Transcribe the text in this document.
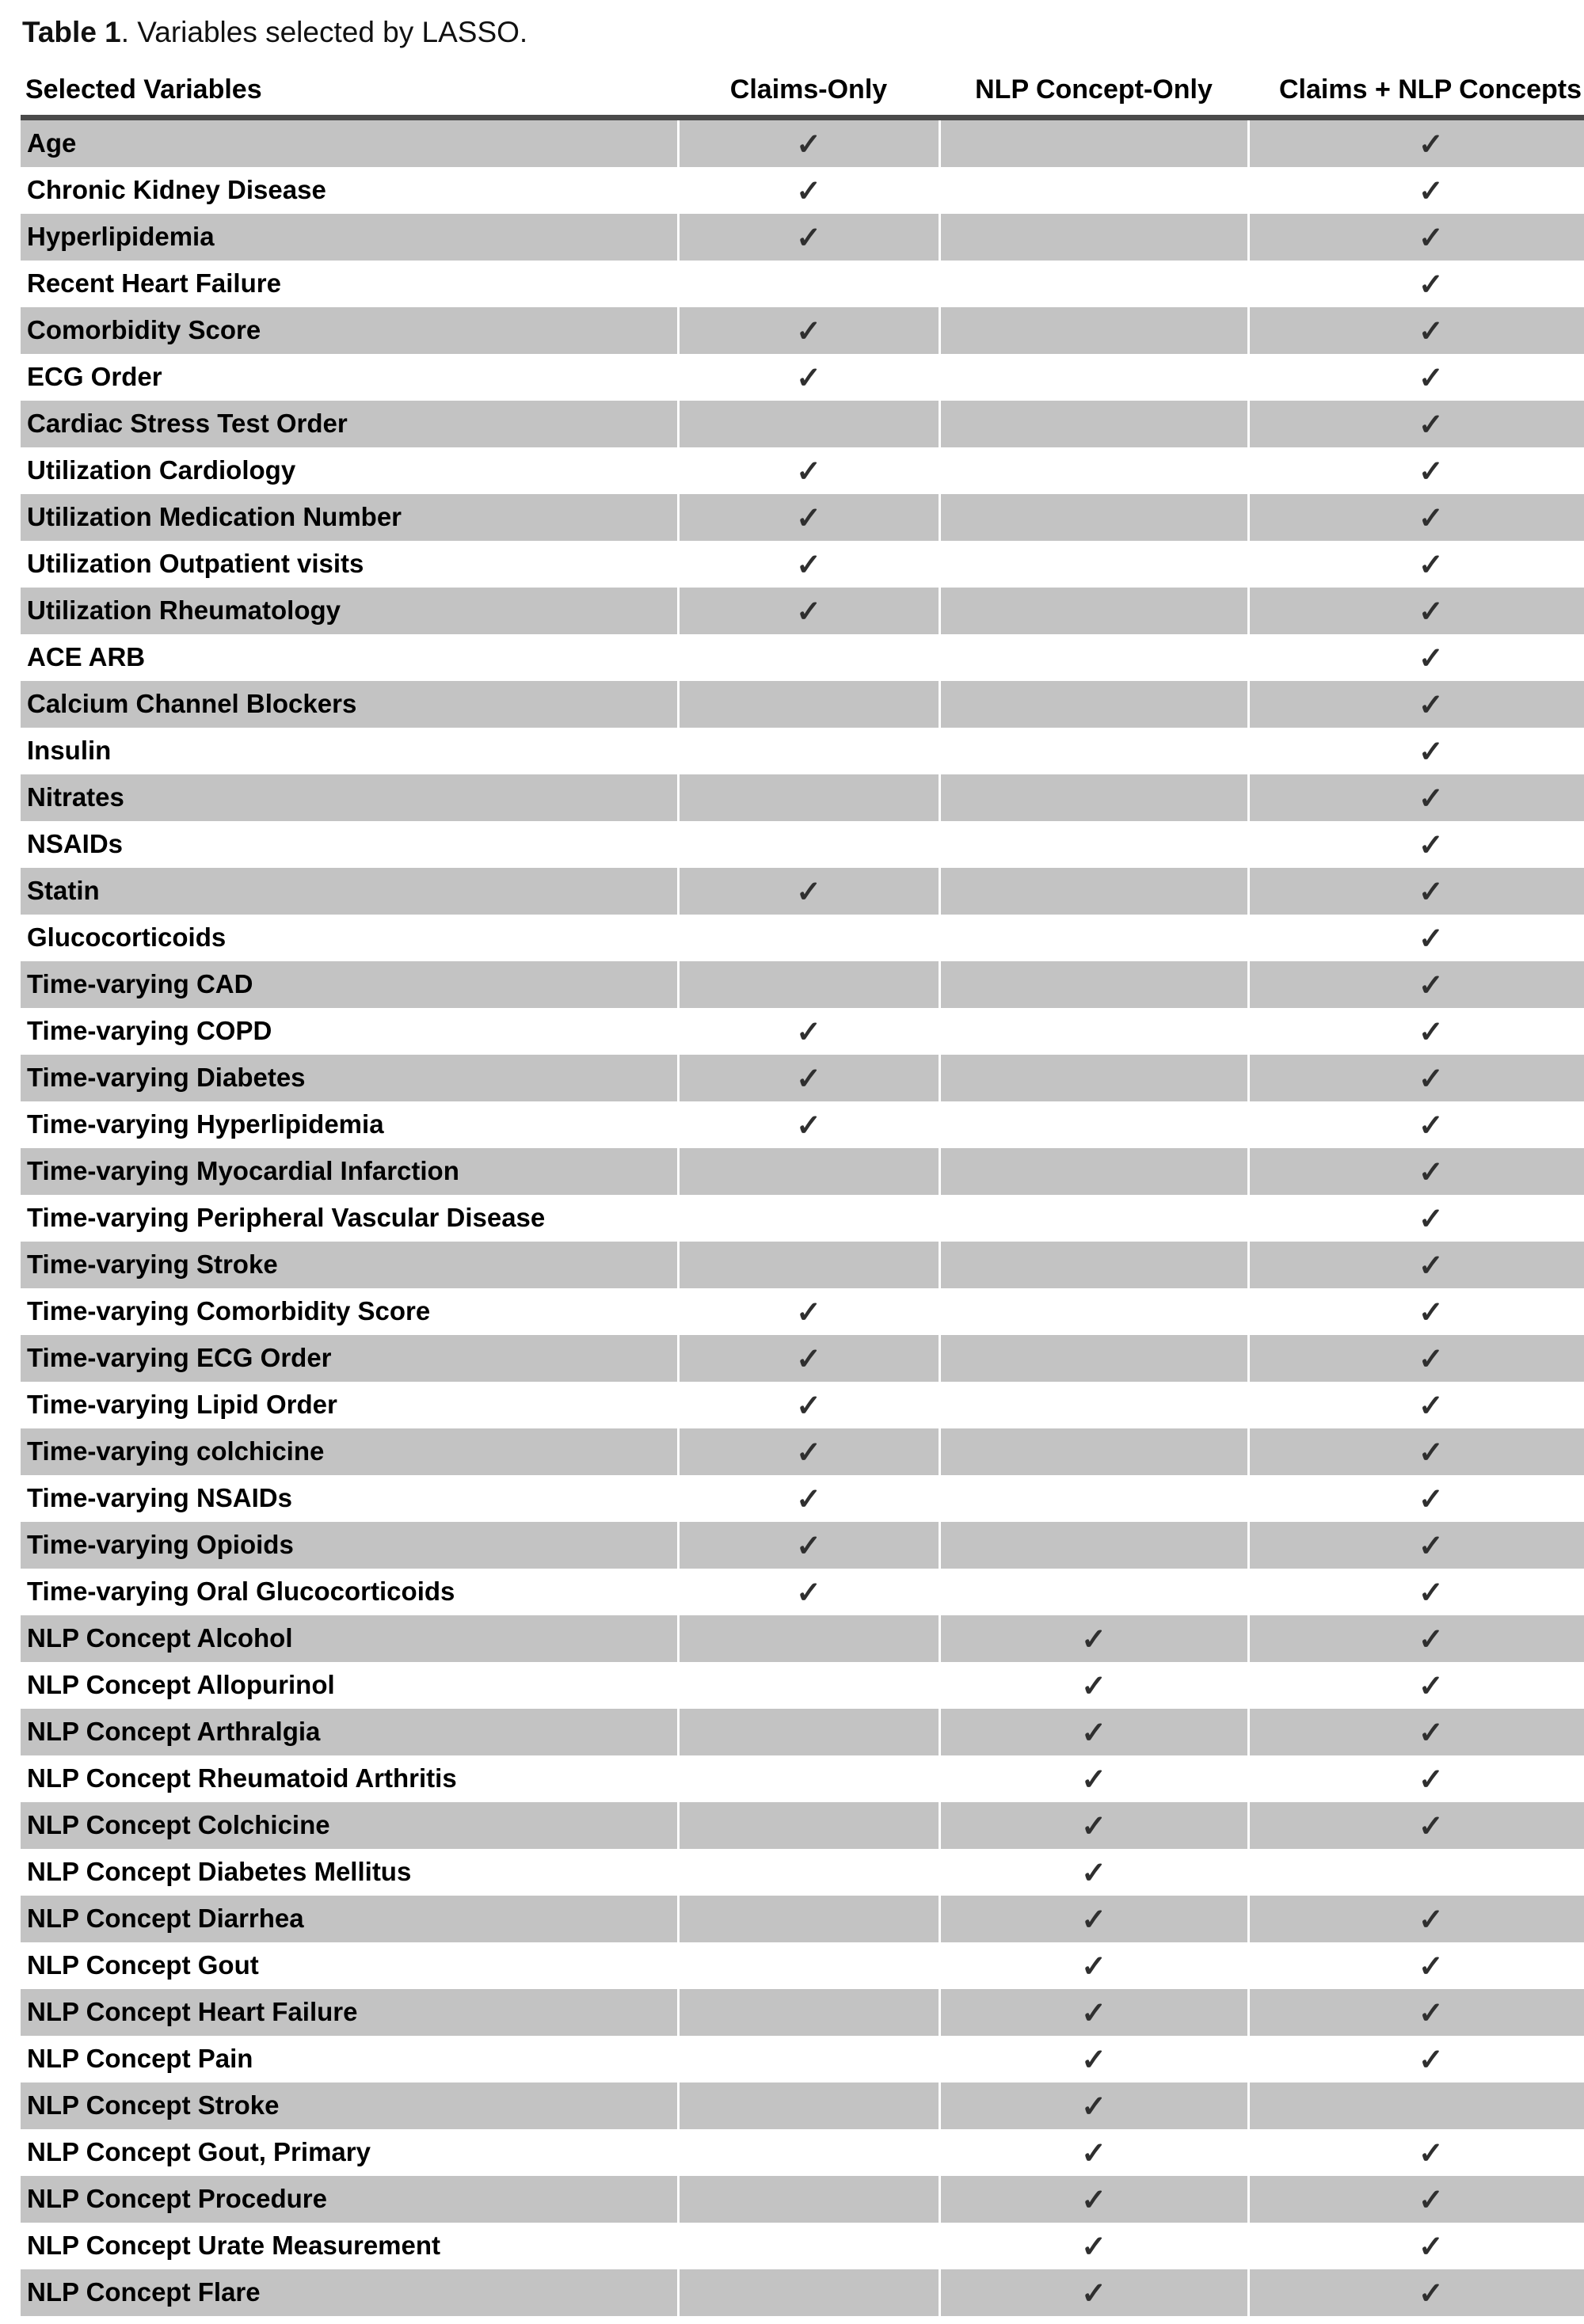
Table 1. Variables selected by LASSO.

Selected Variables	Claims-Only	NLP Concept-Only	Claims + NLP Concepts
Age	✓		✓
Chronic Kidney Disease	✓		✓
Hyperlipidemia	✓		✓
Recent Heart Failure			✓
Comorbidity Score	✓		✓
ECG Order	✓		✓
Cardiac Stress Test Order			✓
Utilization Cardiology	✓		✓
Utilization Medication Number	✓		✓
Utilization Outpatient visits	✓		✓
Utilization Rheumatology	✓		✓
ACE ARB			✓
Calcium Channel Blockers			✓
Insulin			✓
Nitrates			✓
NSAIDs			✓
Statin	✓		✓
Glucocorticoids			✓
Time-varying CAD			✓
Time-varying COPD	✓		✓
Time-varying Diabetes	✓		✓
Time-varying Hyperlipidemia	✓		✓
Time-varying Myocardial Infarction			✓
Time-varying Peripheral Vascular Disease			✓
Time-varying Stroke			✓
Time-varying Comorbidity Score	✓		✓
Time-varying ECG Order	✓		✓
Time-varying Lipid Order	✓		✓
Time-varying colchicine	✓		✓
Time-varying NSAIDs	✓		✓
Time-varying Opioids	✓		✓
Time-varying Oral Glucocorticoids	✓		✓
NLP Concept Alcohol		✓	✓
NLP Concept Allopurinol		✓	✓
NLP Concept Arthralgia		✓	✓
NLP Concept Rheumatoid Arthritis		✓	✓
NLP Concept Colchicine		✓	✓
NLP Concept Diabetes Mellitus		✓	
NLP Concept Diarrhea		✓	✓
NLP Concept Gout		✓	✓
NLP Concept Heart Failure		✓	✓
NLP Concept Pain		✓	✓
NLP Concept Stroke		✓	
NLP Concept Gout, Primary		✓	✓
NLP Concept Procedure		✓	✓
NLP Concept Urate Measurement		✓	✓
NLP Concept Flare		✓	✓
